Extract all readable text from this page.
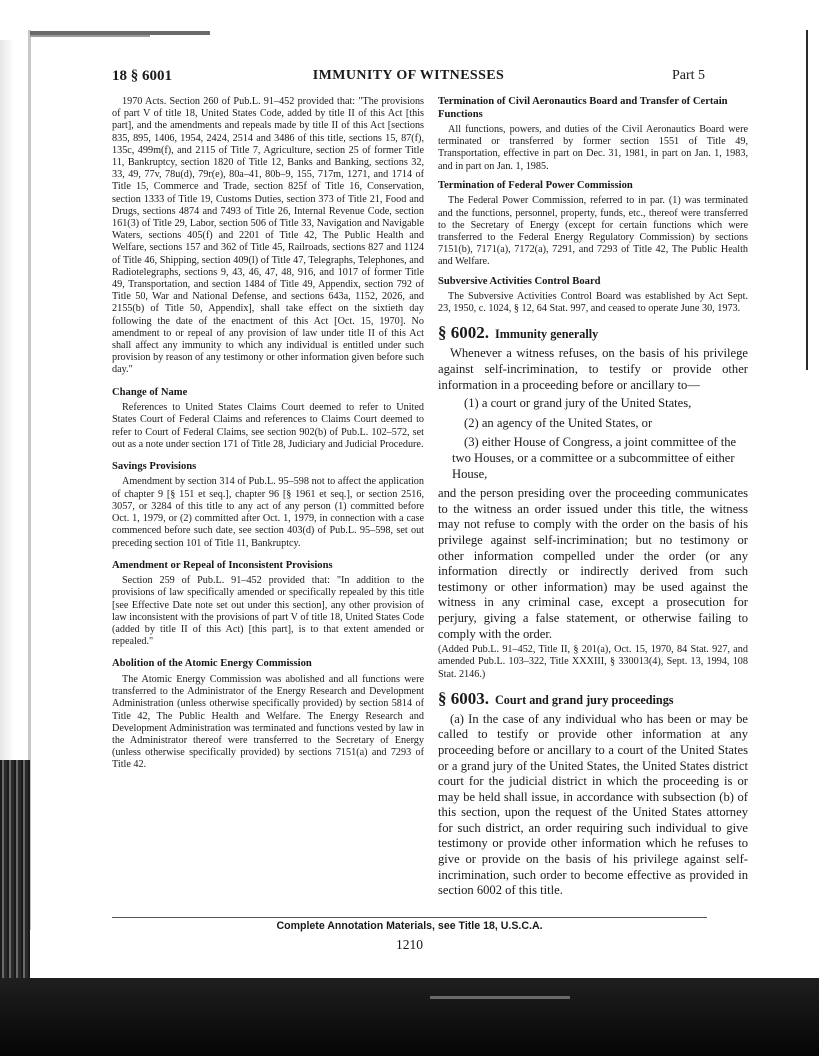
18 § 6001	IMMUNITY OF WITNESSES	Part 5

1970 Acts. Section 260 of Pub.L. 91–452 provided that: "The provisions of part V of title 18, United States Code, added by title II of this Act [this part], and the amendments and repeals made by title II of this Act [sections 835, 895, 1406, 1954, 2424, 2514 and 3486 of this title, sections 15, 87(f), 135c, 499m(f), and 2115 of Title 7, Agriculture, section 25 of former Title 11, Bankruptcy, section 1820 of Title 12, Banks and Banking, sections 32, 33, 49, 77v, 78u(d), 79r(e), 80a–41, 80b–9, 155, 717m, 1271, and 1714 of Title 15, Commerce and Trade, section 825f of Title 16, Conservation, section 1333 of Title 19, Customs Duties, section 373 of Title 21, Food and Drugs, sections 4874 and 7493 of Title 26, Internal Revenue Code, section 161(3) of Title 29, Labor, section 506 of Title 33, Navigation and Navigable Waters, sections 405(f) and 2201 of Title 42, The Public Health and Welfare, sections 157 and 362 of Title 45, Railroads, sections 827 and 1124 of Title 46, Shipping, section 409(l) of Title 47, Telegraphs, Telephones, and Radiotelegraphs, sections 9, 43, 46, 47, 48, 916, and 1017 of former Title 49, Transportation, and section 1484 of Title 49, Appendix, section 792 of Title 50, War and National Defense, and sections 643a, 1152, 2026, and 2155(b) of Title 50, Appendix], shall take effect on the sixtieth day following the date of the enactment of this Act [Oct. 15, 1970]. No amendment to or repeal of any provision of law under title II of this Act shall affect any immunity to which any individual is entitled under such provision by reason of any testimony or other information given before such day."

Change of Name

References to United States Claims Court deemed to refer to United States Court of Federal Claims and references to Claims Court deemed to refer to Court of Federal Claims, see section 902(b) of Pub.L. 102–572, set out as a note under section 171 of Title 28, Judiciary and Judicial Procedure.

Savings Provisions

Amendment by section 314 of Pub.L. 95–598 not to affect the application of chapter 9 [§ 151 et seq.], chapter 96 [§ 1961 et seq.], or section 2516, 3057, or 3284 of this title to any act of any person (1) committed before Oct. 1, 1979, or (2) committed after Oct. 1, 1979, in connection with a case commenced before such date, see section 403(d) of Pub.L. 95–598, set out preceding section 101 of Title 11, Bankruptcy.

Amendment or Repeal of Inconsistent Provisions

Section 259 of Pub.L. 91–452 provided that: "In addition to the provisions of law specifically amended or specifically repealed by this title [see Effective Date note set out under this section], any other provision of law inconsistent with the provisions of part V of title 18, United States Code (added by title II of this Act) [this part], is to that extent amended or repealed."

Abolition of the Atomic Energy Commission

The Atomic Energy Commission was abolished and all functions were transferred to the Administrator of the Energy Research and Development Administration (unless otherwise specifically provided) by section 5814 of Title 42, The Public Health and Welfare. The Energy Research and Development Administration was terminated and functions vested by law in the Administrator thereof were transferred to the Secretary of Energy (unless otherwise specifically provided) by sections 7151(a) and 7293 of Title 42.

Termination of Civil Aeronautics Board and Transfer of Certain Functions

All functions, powers, and duties of the Civil Aeronautics Board were terminated or transferred by former section 1551 of Title 49, Transportation, effective in part on Dec. 31, 1981, in part on Jan. 1, 1983, and in part on Jan. 1, 1985.

Termination of Federal Power Commission

The Federal Power Commission, referred to in par. (1) was terminated and the functions, personnel, property, funds, etc., thereof were transferred to the Secretary of Energy (except for certain functions which were transferred to the Federal Energy Regulatory Commission) by sections 7151(b), 7171(a), 7172(a), 7291, and 7293 of Title 42, The Public Health and Welfare.

Subversive Activities Control Board

The Subversive Activities Control Board was established by Act Sept. 23, 1950, c. 1024, § 12, 64 Stat. 997, and ceased to operate June 30, 1973.

§ 6002. Immunity generally

Whenever a witness refuses, on the basis of his privilege against self-incrimination, to testify or provide other information in a proceeding before or ancillary to—

(1) a court or grand jury of the United States,
(2) an agency of the United States, or
(3) either House of Congress, a joint committee of the two Houses, or a committee or a subcommittee of either House,

and the person presiding over the proceeding communicates to the witness an order issued under this title, the witness may not refuse to comply with the order on the basis of his privilege against self-incrimination; but no testimony or other information compelled under the order (or any information directly or indirectly derived from such testimony or other information) may be used against the witness in any criminal case, except a prosecution for perjury, giving a false statement, or otherwise failing to comply with the order.

(Added Pub.L. 91–452, Title II, § 201(a), Oct. 15, 1970, 84 Stat. 927, and amended Pub.L. 103–322, Title XXXIII, § 330013(4), Sept. 13, 1994, 108 Stat. 2146.)

§ 6003. Court and grand jury proceedings

(a) In the case of any individual who has been or may be called to testify or provide other information at any proceeding before or ancillary to a court of the United States or a grand jury of the United States, the United States district court for the judicial district in which the proceeding is or may be held shall issue, in accordance with subsection (b) of this section, upon the request of the United States attorney for such district, an order requiring such individual to give testimony or provide other information which he refuses to give or provide on the basis of his privilege against self-incrimination, such order to become effective as provided in section 6002 of this title.

Complete Annotation Materials, see Title 18, U.S.C.A.
1210
